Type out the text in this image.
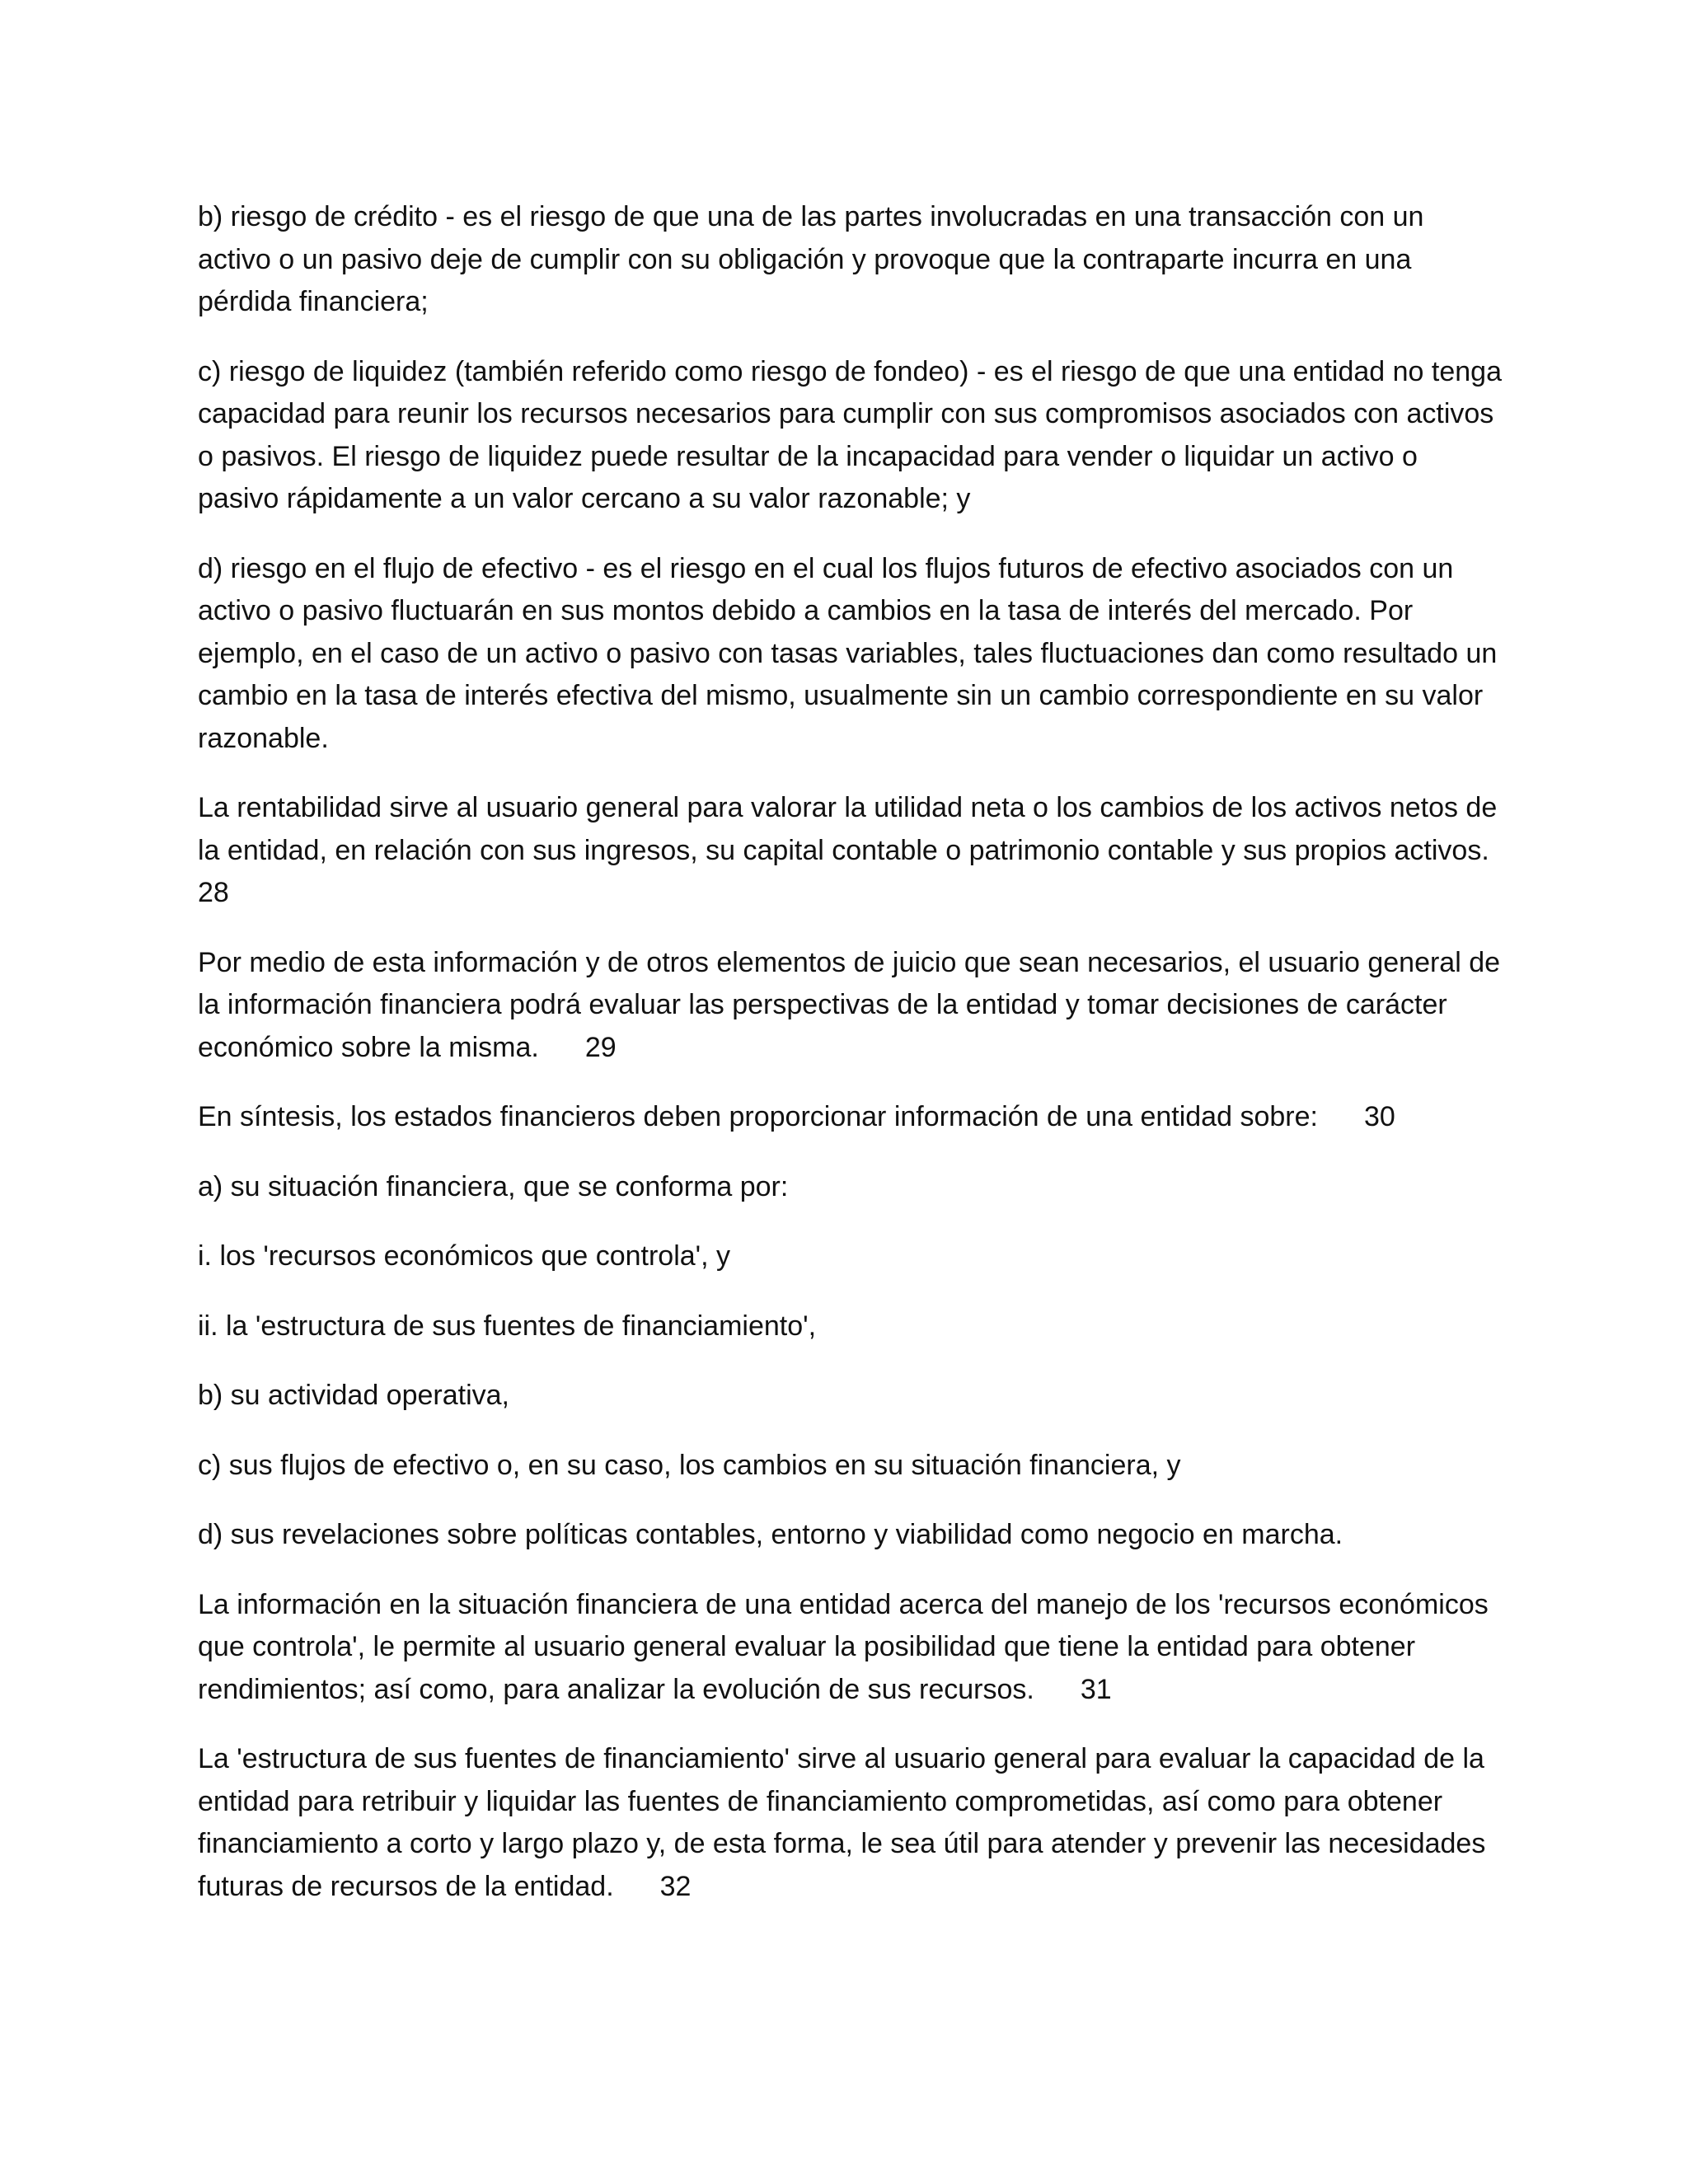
b) riesgo de crédito - es el riesgo de que una de las partes involucradas en una transacción con un activo o un pasivo deje de cumplir con su obligación y provoque que la contraparte incurra en una pérdida financiera;

c) riesgo de liquidez (también referido como riesgo de fondeo) - es el riesgo de que una entidad no tenga capacidad para reunir los recursos necesarios para cumplir con sus compromisos asociados con activos o pasivos. El riesgo de liquidez puede resultar de la incapacidad para vender o liquidar un activo o pasivo rápidamente a un valor cercano a su valor razonable; y

d) riesgo en el flujo de efectivo - es el riesgo en el cual los flujos futuros de efectivo asociados con un activo o pasivo fluctuarán en sus montos debido a cambios en la tasa de interés del mercado. Por ejemplo, en el caso de un activo o pasivo con tasas variables, tales fluctuaciones dan como resultado un cambio en la tasa de interés efectiva del mismo, usualmente sin un cambio correspondiente en su valor razonable.

La rentabilidad sirve al usuario general para valorar la utilidad neta o los cambios de los activos netos de la entidad, en relación con sus ingresos, su capital contable o patrimonio contable y sus propios activos.
28

Por medio de esta información y de otros elementos de juicio que sean necesarios, el usuario general de la información financiera podrá evaluar las perspectivas de la entidad y tomar decisiones de carácter económico sobre la misma. 29

En síntesis, los estados financieros deben proporcionar información de una entidad sobre: 30

a) su situación financiera, que se conforma por:

i. los 'recursos económicos que controla', y

ii. la 'estructura de sus fuentes de financiamiento',

b) su actividad operativa,

c) sus flujos de efectivo o, en su caso, los cambios en su situación financiera, y

d) sus revelaciones sobre políticas contables, entorno y viabilidad como negocio en marcha.

La información en la situación financiera de una entidad acerca del manejo de los 'recursos económicos que controla', le permite al usuario general evaluar la posibilidad que tiene la entidad para obtener rendimientos; así como, para analizar la evolución de sus recursos. 31

La 'estructura de sus fuentes de financiamiento' sirve al usuario general para evaluar la capacidad de la entidad para retribuir y liquidar las fuentes de financiamiento comprometidas, así como para obtener financiamiento a corto y largo plazo y, de esta forma, le sea útil para atender y prevenir las necesidades futuras de recursos de la entidad. 32
